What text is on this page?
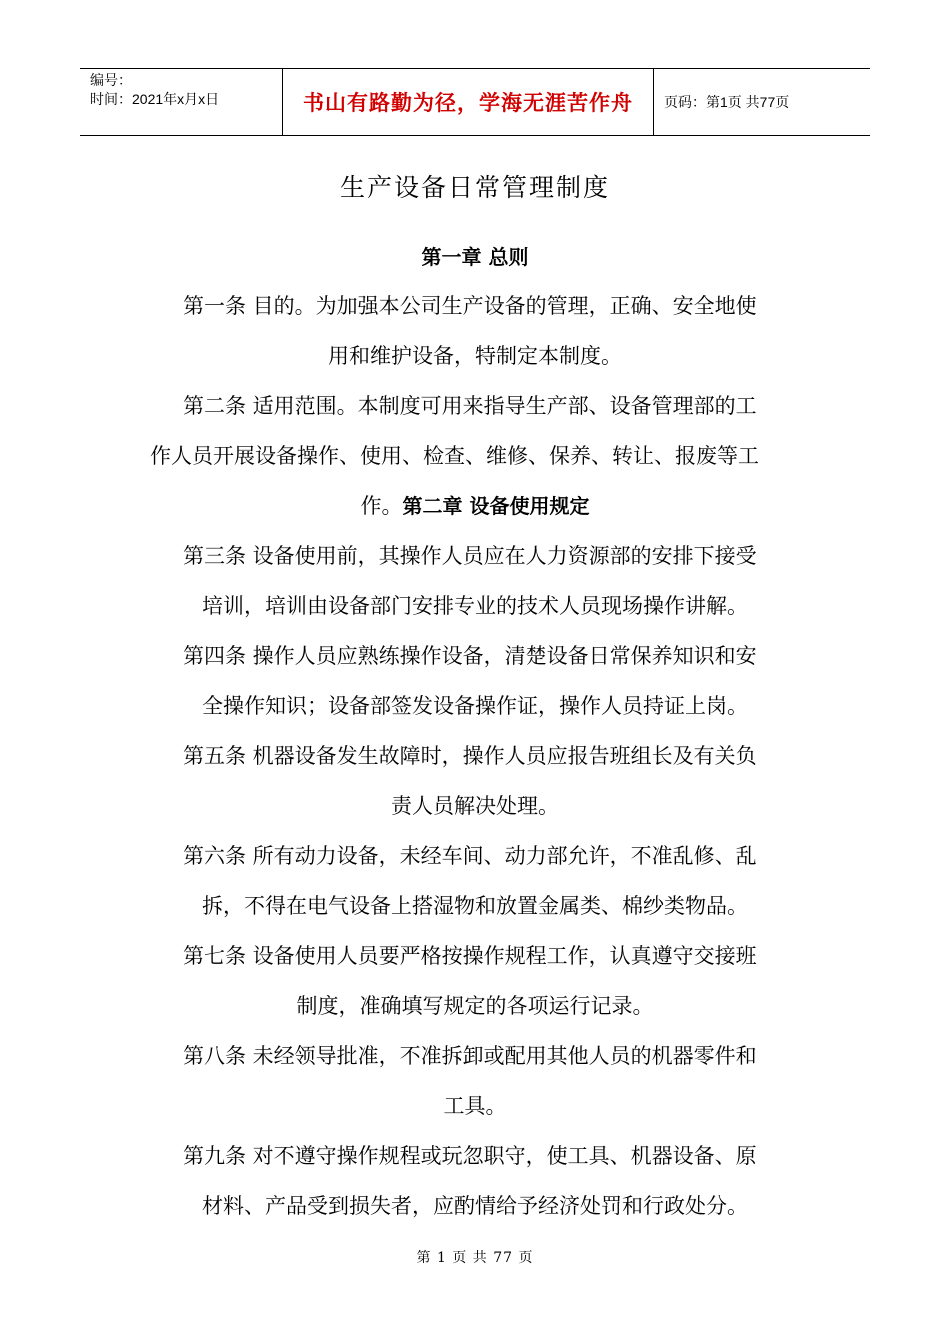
编号：
时间：2021年x月x日	书山有路勤为径，学海无涯苦作舟 页码：第1页 共77页
生产设备日常管理制度
第一章 总则
第一条 目的。为加强本公司生产设备的管理，正确、安全地使
用和维护设备，特制定本制度。
第二条 适用范围。本制度可用来指导生产部、设备管理部的工
作人员开展设备操作、使用、检查、维修、保养、转让、报废等工
作。第二章 设备使用规定
第三条 设备使用前，其操作人员应在人力资源部的安排下接受
培训，培训由设备部门安排专业的技术人员现场操作讲解。
第四条 操作人员应熟练操作设备，清楚设备日常保养知识和安
全操作知识；设备部签发设备操作证，操作人员持证上岗。
第五条 机器设备发生故障时，操作人员应报告班组长及有关负
责人员解决处理。
第六条 所有动力设备，未经车间、动力部允许，不准乱修、乱
拆，不得在电气设备上搭湿物和放置金属类、棉纱类物品。
第七条 设备使用人员要严格按操作规程工作，认真遵守交接班
制度，准确填写规定的各项运行记录。
第八条 未经领导批准，不准拆卸或配用其他人员的机器零件和
工具。
第九条 对不遵守操作规程或玩忽职守，使工具、机器设备、原
材料、产品受到损失者，应酌情给予经济处罚和行政处分。
第 1 页 共 77 页
